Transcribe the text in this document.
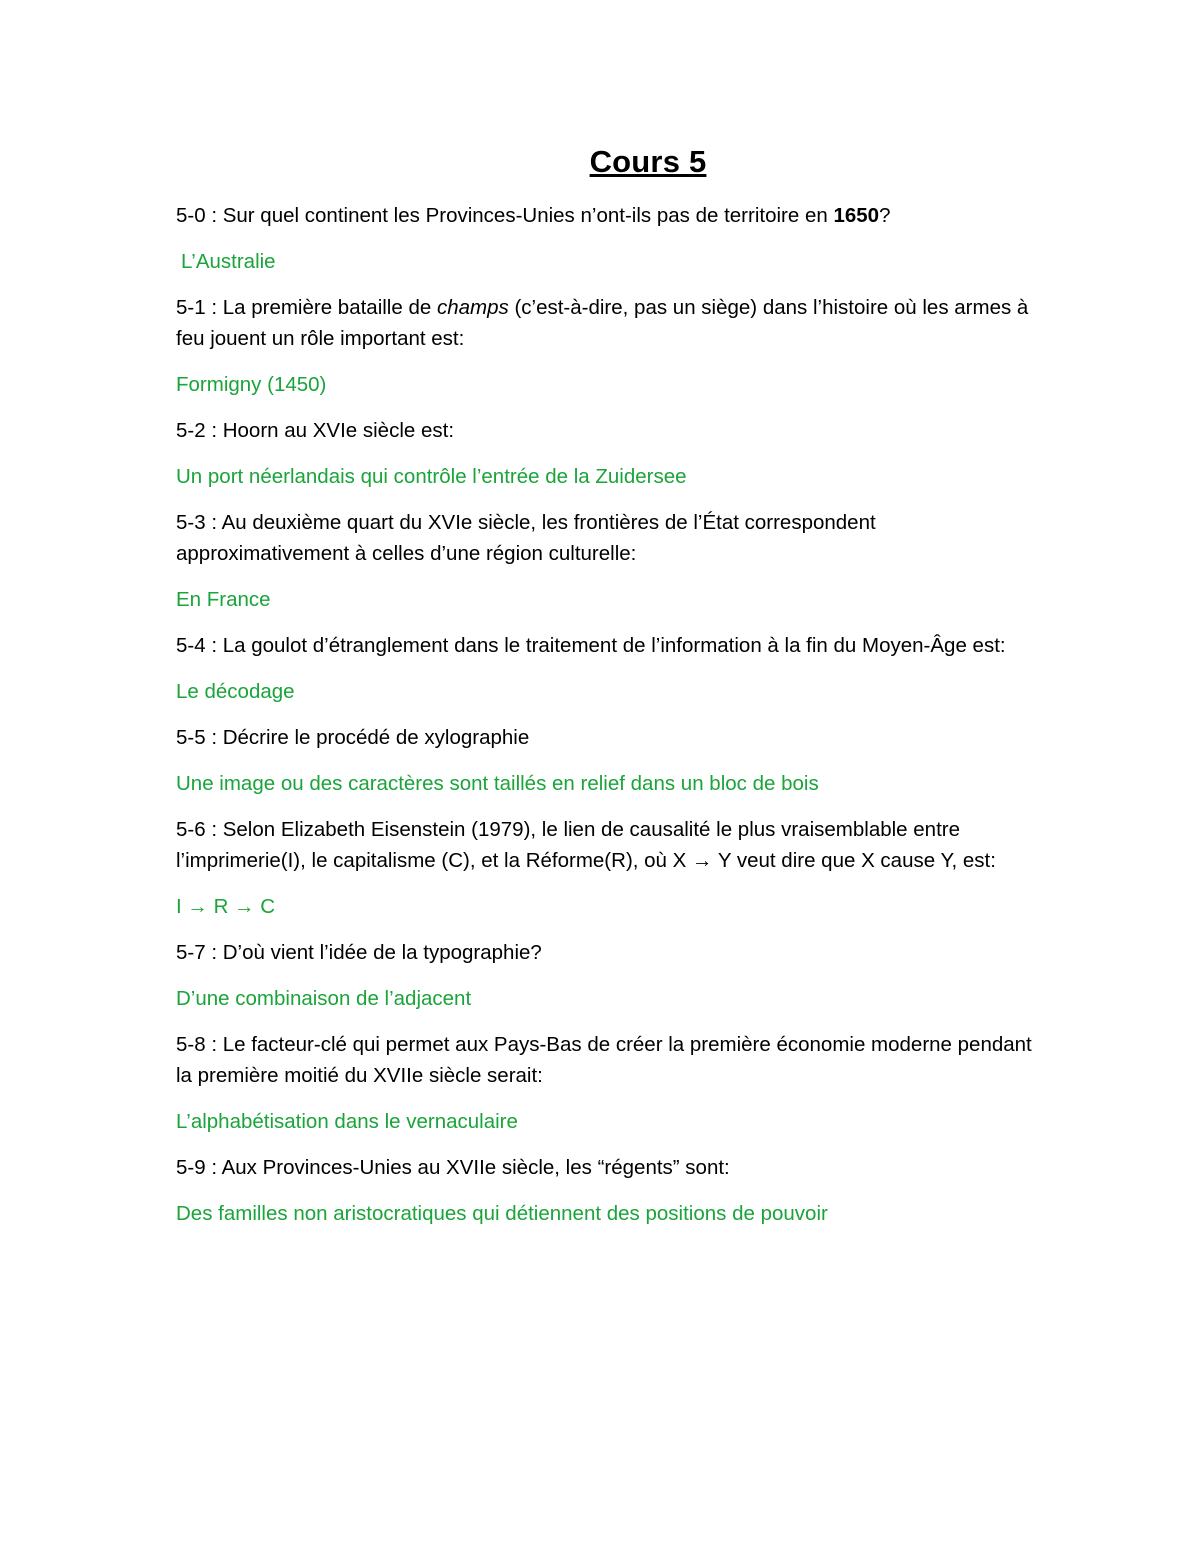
Cours 5

5-0 : Sur quel continent les Provinces-Unies n’ont-ils pas de territoire en 1650?

L’Australie

5-1 : La première bataille de champs (c’est-à-dire, pas un siège) dans l’histoire où les armes à feu jouent un rôle important est:

Formigny (1450)

5-2 : Hoorn au XVIe siècle est:

Un port néerlandais qui contrôle l’entrée de la Zuidersee

5-3 : Au deuxième quart du XVIe siècle, les frontières de l’État correspondent approximativement à celles d’une région culturelle:

En France

5-4 : La goulot d’étranglement dans le traitement de l’information à la fin du Moyen-Âge est:

Le décodage

5-5 : Décrire le procédé de xylographie

Une image ou des caractères sont taillés en relief dans un bloc de bois

5-6 : Selon Elizabeth Eisenstein (1979), le lien de causalité le plus vraisemblable entre l’imprimerie(I), le capitalisme (C), et la Réforme(R), où X → Y veut dire que X cause Y, est:

I → R → C

5-7 : D’où vient l’idée de la typographie?

D’une combinaison de l’adjacent

5-8 : Le facteur-clé qui permet aux Pays-Bas de créer la première économie moderne pendant la première moitié du XVIIe siècle serait:

L’alphabétisation dans le vernaculaire

5-9 : Aux Provinces-Unies au XVIIe siècle, les “régents” sont:

Des familles non aristocratiques qui détiennent des positions de pouvoir
